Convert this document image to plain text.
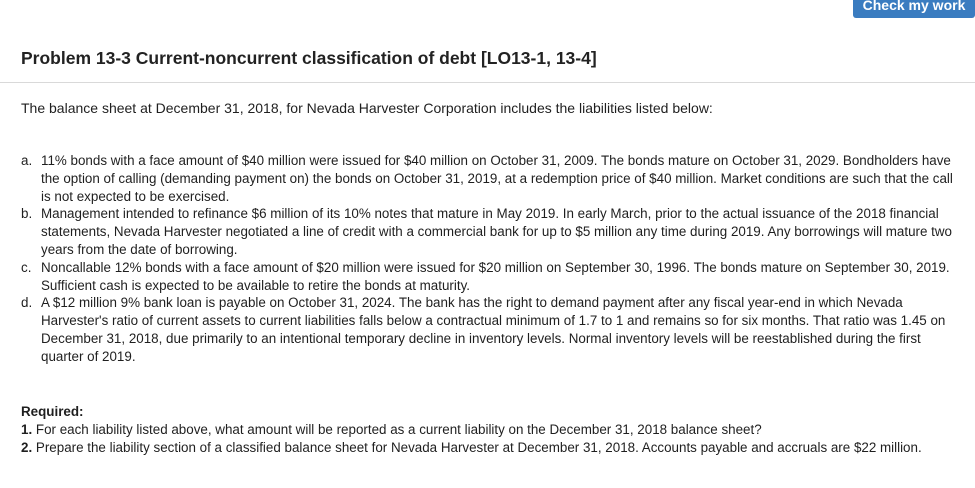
Check my work
Problem 13-3 Current-noncurrent classification of debt [LO13-1, 13-4]

The balance sheet at December 31, 2018, for Nevada Harvester Corporation includes the liabilities listed below:

a. 11% bonds with a face amount of $40 million were issued for $40 million on October 31, 2009. The bonds mature on October 31, 2029. Bondholders have the option of calling (demanding payment on) the bonds on October 31, 2019, at a redemption price of $40 million. Market conditions are such that the call is not expected to be exercised.
b. Management intended to refinance $6 million of its 10% notes that mature in May 2019. In early March, prior to the actual issuance of the 2018 financial statements, Nevada Harvester negotiated a line of credit with a commercial bank for up to $5 million any time during 2019. Any borrowings will mature two years from the date of borrowing.
c. Noncallable 12% bonds with a face amount of $20 million were issued for $20 million on September 30, 1996. The bonds mature on September 30, 2019. Sufficient cash is expected to be available to retire the bonds at maturity.
d. A $12 million 9% bank loan is payable on October 31, 2024. The bank has the right to demand payment after any fiscal year-end in which Nevada Harvester's ratio of current assets to current liabilities falls below a contractual minimum of 1.7 to 1 and remains so for six months. That ratio was 1.45 on December 31, 2018, due primarily to an intentional temporary decline in inventory levels. Normal inventory levels will be reestablished during the first quarter of 2019.

Required:

1. For each liability listed above, what amount will be reported as a current liability on the December 31, 2018 balance sheet?

2. Prepare the liability section of a classified balance sheet for Nevada Harvester at December 31, 2018. Accounts payable and accruals are $22 million.
